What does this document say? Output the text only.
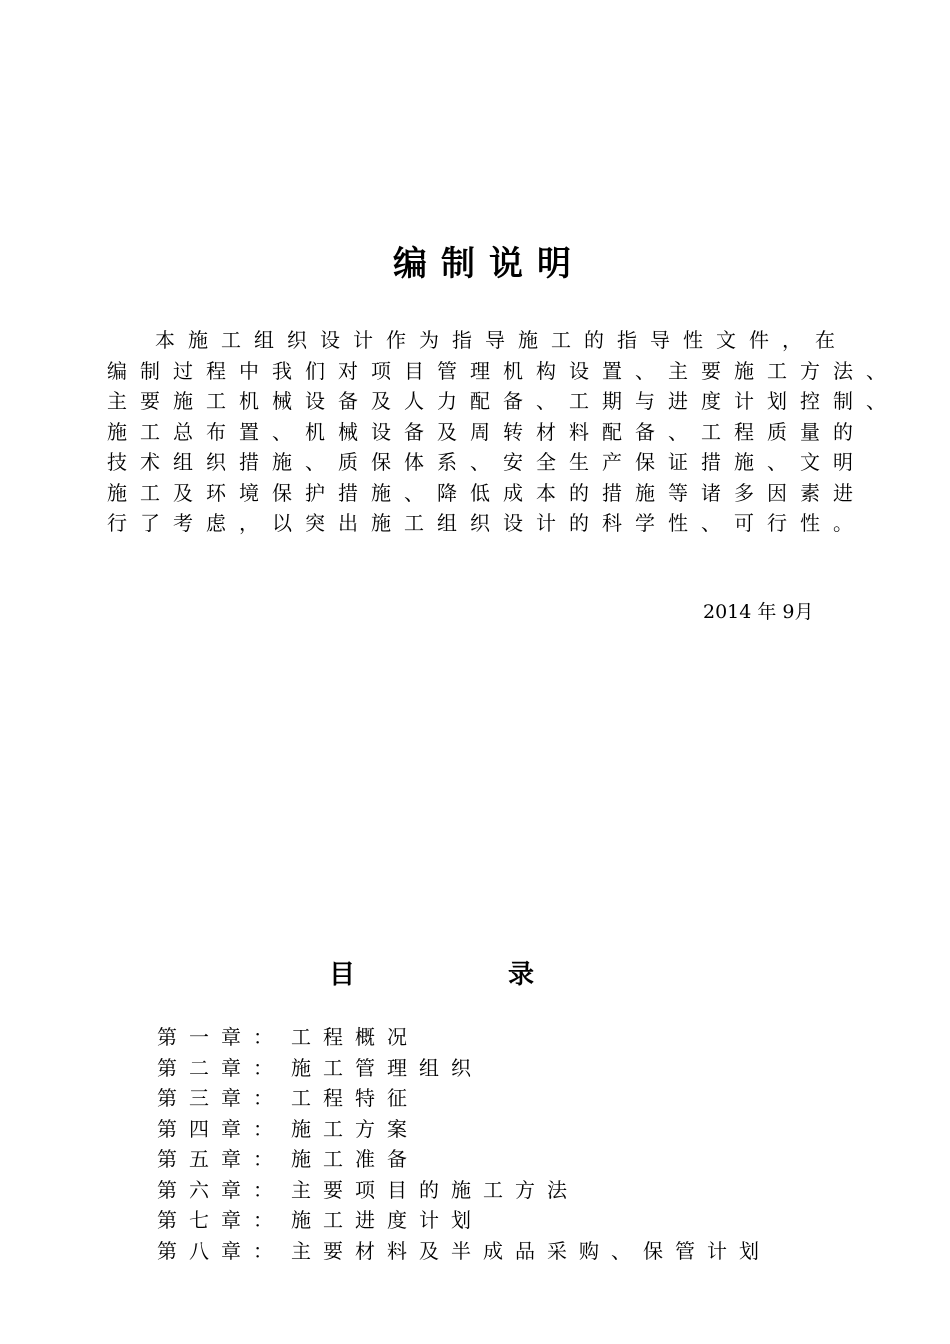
编制说明
本施工组织设计作为指导施工的指导性文件，在
编制过程中我们对项目管理机构设置、主要施工方法、
主要施工机械设备及人力配备、工期与进度计划控制、
施工总布置、机械设备及周转材料配备、工程质量的
技术组织措施、质保体系、安全生产保证措施、文明
施工及环境保护措施、降低成本的措施等诸多因素进
行了考虑，以突出施工组织设计的科学性、可行性。
2014 年 9月
目	录
第一章： 工程概况
第二章： 施工管理组织
第三章： 工程特征
第四章： 施工方案
第五章： 施工准备
第六章： 主要项目的施工方法
第七章： 施工进度计划
第八章： 主要材料及半成品采购、保管计划
